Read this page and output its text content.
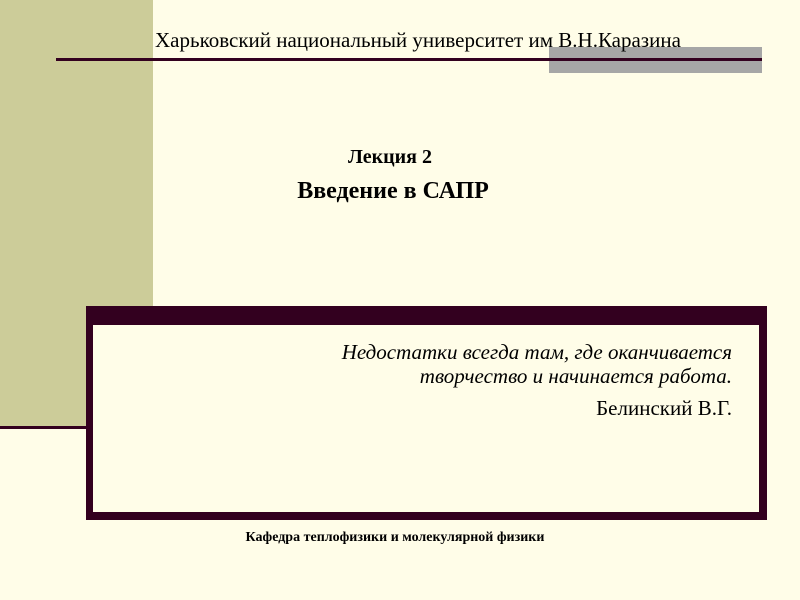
Харьковский национальный университет им В.Н.Каразина
Лекция 2
Введение в САПР
Недостатки всегда там, где оканчивается
творчество и начинается работа.
Белинский В.Г.
Кафедра теплофизики и молекулярной физики
